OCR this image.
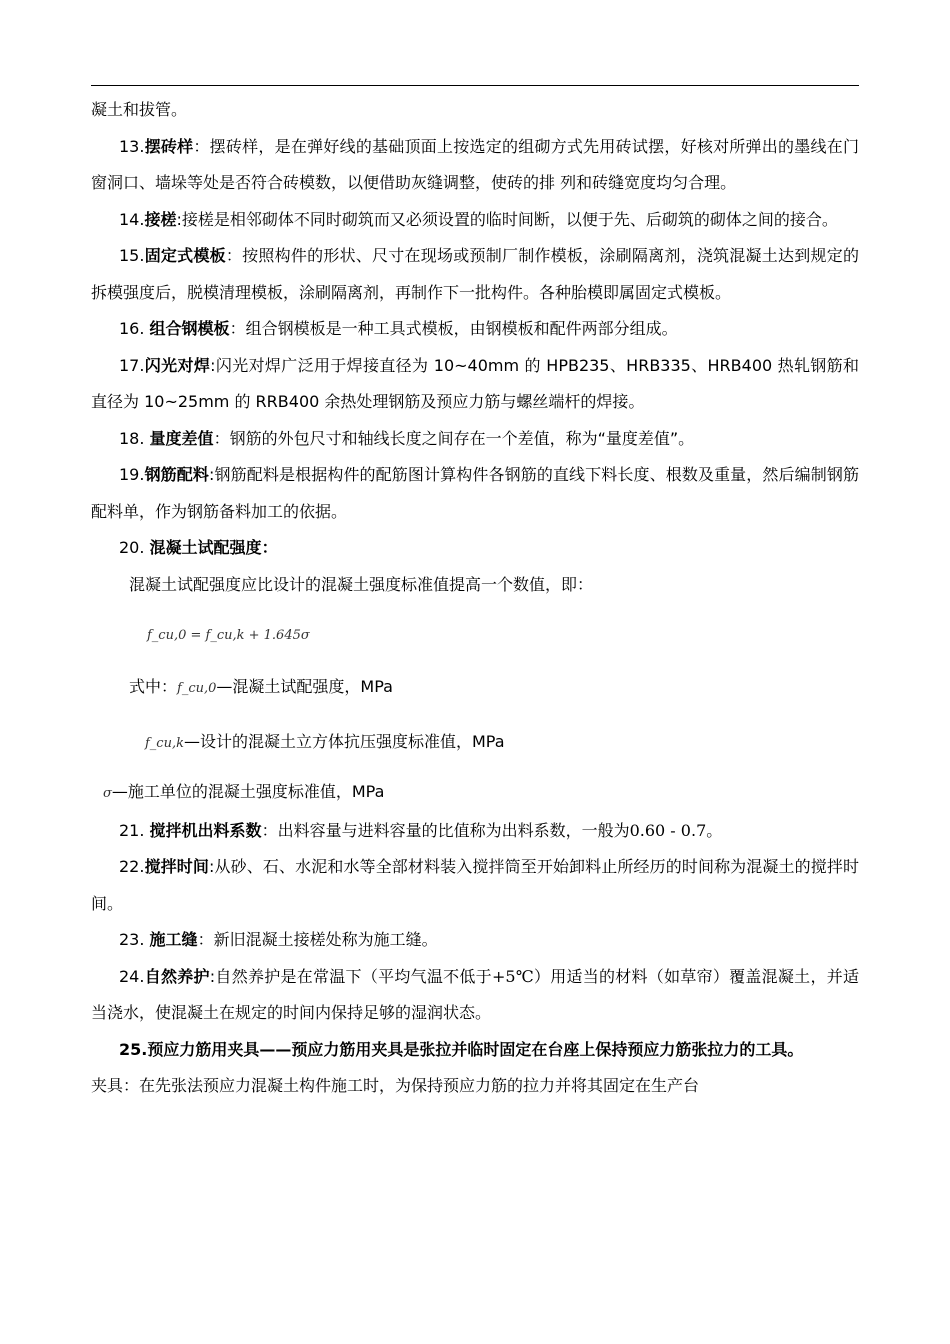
凝土和拔管。

13.摆砖样：摆砖样，是在弹好线的基础顶面上按选定的组砌方式先用砖试摆，好核对所弹出的墨线在门窗洞口、墙垛等处是否符合砖模数，以便借助灰缝调整，使砖的排 列和砖缝宽度均匀合理。

14.接槎:接槎是相邻砌体不同时砌筑而又必须设置的临时间断，以便于先、后砌筑的砌体之间的接合。

15.固定式模板：按照构件的形状、尺寸在现场或预制厂制作模板，涂刷隔离剂，浇筑混凝土达到规定的拆模强度后，脱模清理模板，涂刷隔离剂，再制作下一批构件。各种胎模即属固定式模板。

16. 组合钢模板：组合钢模板是一种工具式模板，由钢模板和配件两部分组成。

17.闪光对焊:闪光对焊广泛用于焊接直径为 10~40mm 的 HPB235、HRB335、HRB400 热轧钢筋和直径为 10~25mm 的 RRB400 余热处理钢筋及预应力筋与螺丝端杆的焊接。

18. 量度差值：钢筋的外包尺寸和轴线长度之间存在一个差值，称为“量度差值”。

19.钢筋配料:钢筋配料是根据构件的配筋图计算构件各钢筋的直线下料长度、根数及重量，然后编制钢筋配料单，作为钢筋备料加工的依据。

20. 混凝土试配强度：

混凝土试配强度应比设计的混凝土强度标准值提高一个数值，即：

f_cu,0 = f_cu,k + 1.645σ

式中：f_cu,0—混凝土试配强度，MPa

f_cu,k—设计的混凝土立方体抗压强度标准值，MPa

σ—施工单位的混凝土强度标准值，MPa

21. 搅拌机出料系数：出料容量与进料容量的比值称为出料系数，一般为0.60 - 0.7。

22.搅拌时间:从砂、石、水泥和水等全部材料装入搅拌筒至开始卸料止所经历的时间称为混凝土的搅拌时间。

23. 施工缝：新旧混凝土接槎处称为施工缝。

24.自然养护:自然养护是在常温下（平均气温不低于+5℃）用适当的材料（如草帘）覆盖混凝土，并适当浇水，使混凝土在规定的时间内保持足够的湿润状态。

25.预应力筋用夹具——预应力筋用夹具是张拉并临时固定在台座上保持预应力筋张拉力的工具。

夹具：在先张法预应力混凝土构件施工时，为保持预应力筋的拉力并将其固定在生产台
